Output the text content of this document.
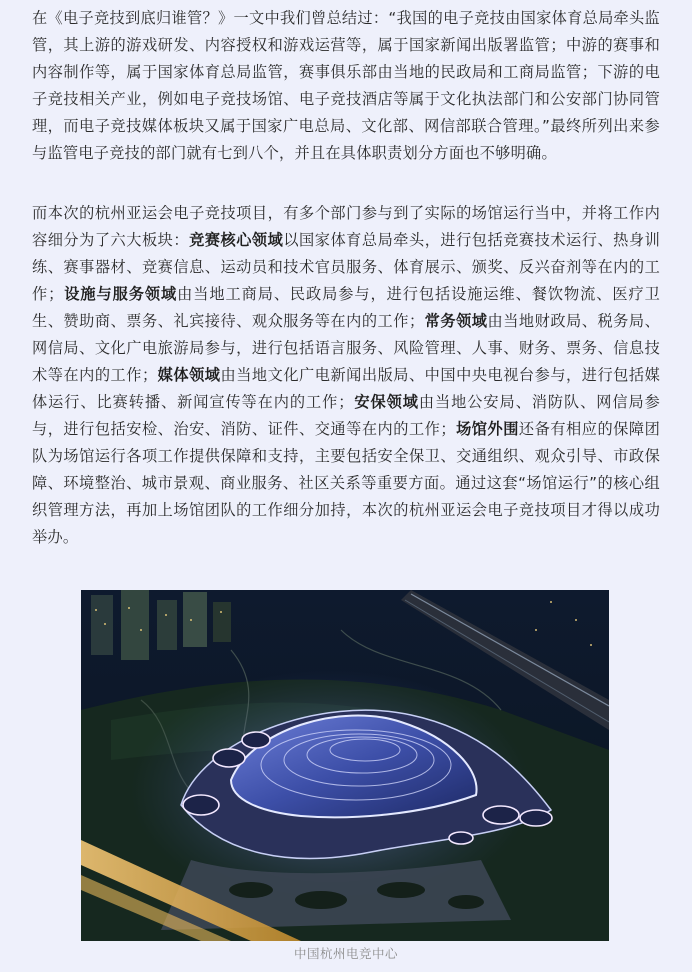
在《电子竞技到底归谁管？》一文中我们曾总结过：“我国的电子竞技由国家体育总局牵头监管，其上游的游戏研发、内容授权和游戏运营等，属于国家新闻出版署监管；中游的赛事和内容制作等，属于国家体育总局监管，赛事俱乐部由当地的民政局和工商局监管；下游的电子竞技相关产业，例如电子竞技场馆、电子竞技酒店等属于文化执法部门和公安部门协同管理，而电子竞技媒体板块又属于国家广电总局、文化部、网信部联合管理。”最终所列出来参与监管电子竞技的部门就有七到八个，并且在具体职责划分方面也不够明确。

而本次的杭州亚运会电子竞技项目，有多个部门参与到了实际的场馆运行当中，并将工作内容细分为了六大板块：竞赛核心领域以国家体育总局牵头，进行包括竞赛技术运行、热身训练、赛事器材、竞赛信息、运动员和技术官员服务、体育展示、颁奖、反兴奋剂等在内的工作；设施与服务领域由当地工商局、民政局参与，进行包括设施运维、餐饮物流、医疗卫生、赞助商、票务、礼宾接待、观众服务等在内的工作；常务领域由当地财政局、税务局、网信局、文化广电旅游局参与，进行包括语言服务、风险管理、人事、财务、票务、信息技术等在内的工作；媒体领域由当地文化广电新闻出版局、中国中央电视台参与，进行包括媒体运行、比赛转播、新闻宣传等在内的工作；安保领域由当地公安局、消防队、网信局参与，进行包括安检、治安、消防、证件、交通等在内的工作；场馆外围还备有相应的保障团队为场馆运行各项工作提供保障和支持，主要包括安全保卫、交通组织、观众引导、市政保障、环境整治、城市景观、商业服务、社区关系等重要方面。通过这套“场馆运行”的核心组织管理方法，再加上场馆团队的工作细分加持，本次的杭州亚运会电子竞技项目才得以成功举办。

中国杭州电竞中心
